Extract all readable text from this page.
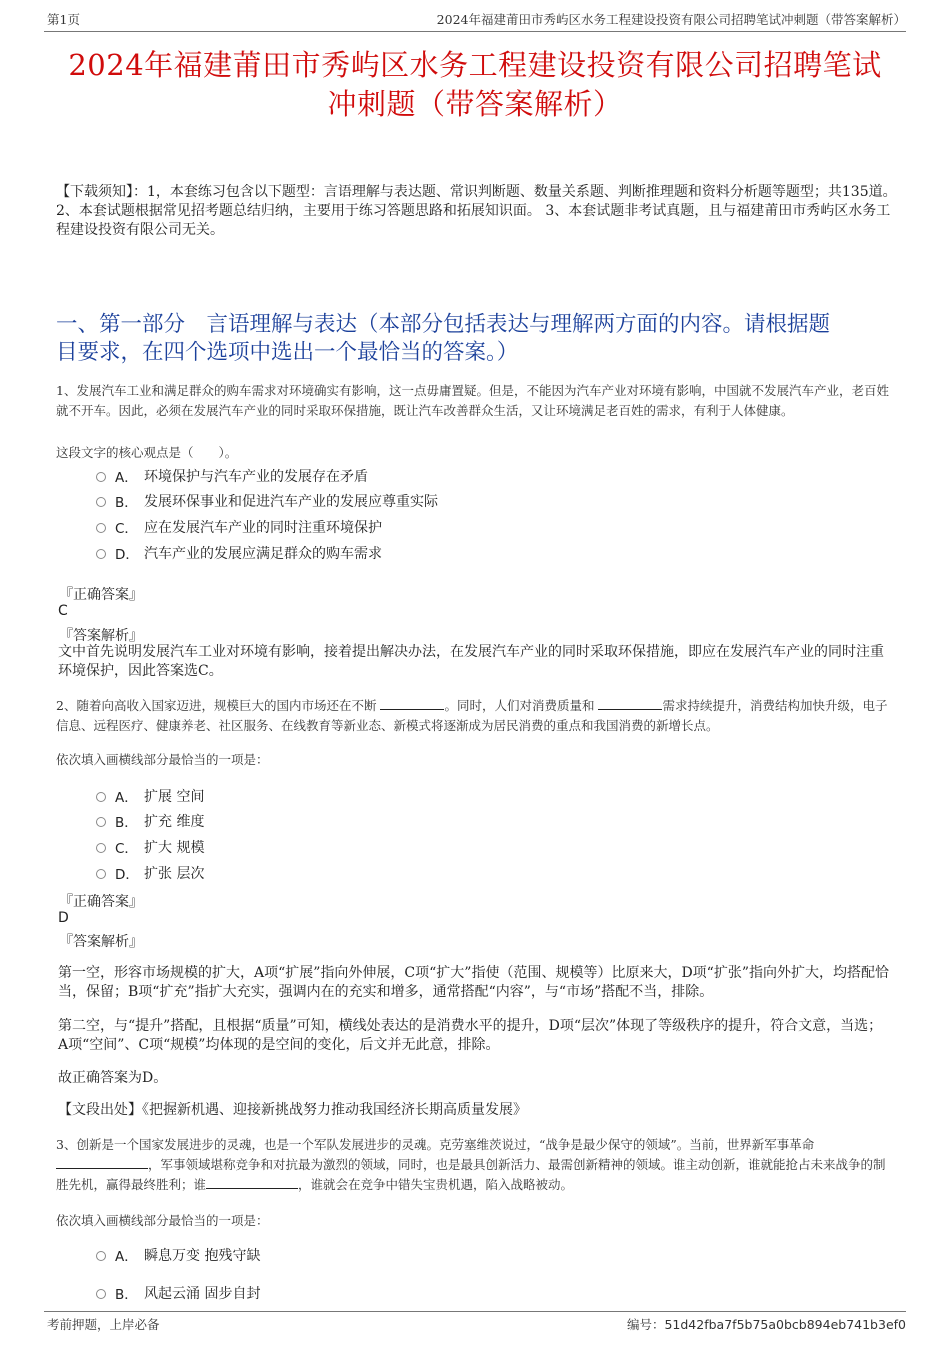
第1页	2024年福建莆田市秀屿区水务工程建设投资有限公司招聘笔试冲刺题（带答案解析）
2024年福建莆田市秀屿区水务工程建设投资有限公司招聘笔试
冲刺题（带答案解析）
【下载须知】：1，本套练习包含以下题型：言语理解与表达题、常识判断题、数量关系题、判断推理题和资料分析题等题型；共135道。 2、本套试题根据常见招考题总结归纳，主要用于练习答题思路和拓展知识面。 3、本套试题非考试真题，且与福建莆田市秀屿区水务工程建设投资有限公司无关。
一、第一部分　言语理解与表达（本部分包括表达与理解两方面的内容。请根据题
目要求，在四个选项中选出一个最恰当的答案。）
1、发展汽车工业和满足群众的购车需求对环境确实有影响，这一点毋庸置疑。但是，不能因为汽车产业对环境有影响，中国就不发展汽车产业，老百姓就不开车。因此，必须在发展汽车产业的同时采取环保措施，既让汽车改善群众生活，又让环境满足老百姓的需求，有利于人体健康。
这段文字的核心观点是（　　）。
A． 环境保护与汽车产业的发展存在矛盾
B． 发展环保事业和促进汽车产业的发展应尊重实际
C． 应在发展汽车产业的同时注重环境保护
D． 汽车产业的发展应满足群众的购车需求
『正确答案』
C
『答案解析』
文中首先说明发展汽车工业对环境有影响，接着提出解决办法，在发展汽车产业的同时采取环保措施，即应在发展汽车产业的同时注重环境保护，因此答案选C。
2、随着向高收入国家迈进，规模巨大的国内市场还在不断	。同时，人们对消费质量和	需求持续提升，消费结构加快升级，电子信息、远程医疗、健康养老、社区服务、在线教育等新业态、新模式将逐渐成为居民消费的重点和我国消费的新增长点。
依次填入画横线部分最恰当的一项是：
A． 扩展 空间
B． 扩充 维度
C． 扩大 规模
D． 扩张 层次
『正确答案』
D
『答案解析』
第一空，形容市场规模的扩大，A项“扩展”指向外伸展，C项“扩大”指使（范围、规模等）比原来大，D项“扩张”指向外扩大，均搭配恰当，保留；B项“扩充”指扩大充实，强调内在的充实和增多，通常搭配“内容”，与“市场”搭配不当，排除。
第二空，与“提升”搭配，且根据“质量”可知，横线处表达的是消费水平的提升，D项“层次”体现了等级秩序的提升，符合文意，当选；A项“空间”、C项“规模”均体现的是空间的变化，后文并无此意，排除。
故正确答案为D。
【文段出处】《把握新机遇、迎接新挑战努力推动我国经济长期高质量发展》
3、创新是一个国家发展进步的灵魂，也是一个军队发展进步的灵魂。克劳塞维茨说过，“战争是最少保守的领域”。当前，世界新军事革命，军事领域堪称竞争和对抗最为激烈的领域，同时，也是最具创新活力、最需创新精神的领域。谁主动创新，谁就能抢占未来战争的制胜先机，赢得最终胜利；谁	，谁就会在竞争中错失宝贵机遇，陷入战略被动。
依次填入画横线部分最恰当的一项是：
A． 瞬息万变 抱残守缺
B． 风起云涌 固步自封
考前押题，上岸必备	编号：51d42fba7f5b75a0bcb894eb741b3ef0
